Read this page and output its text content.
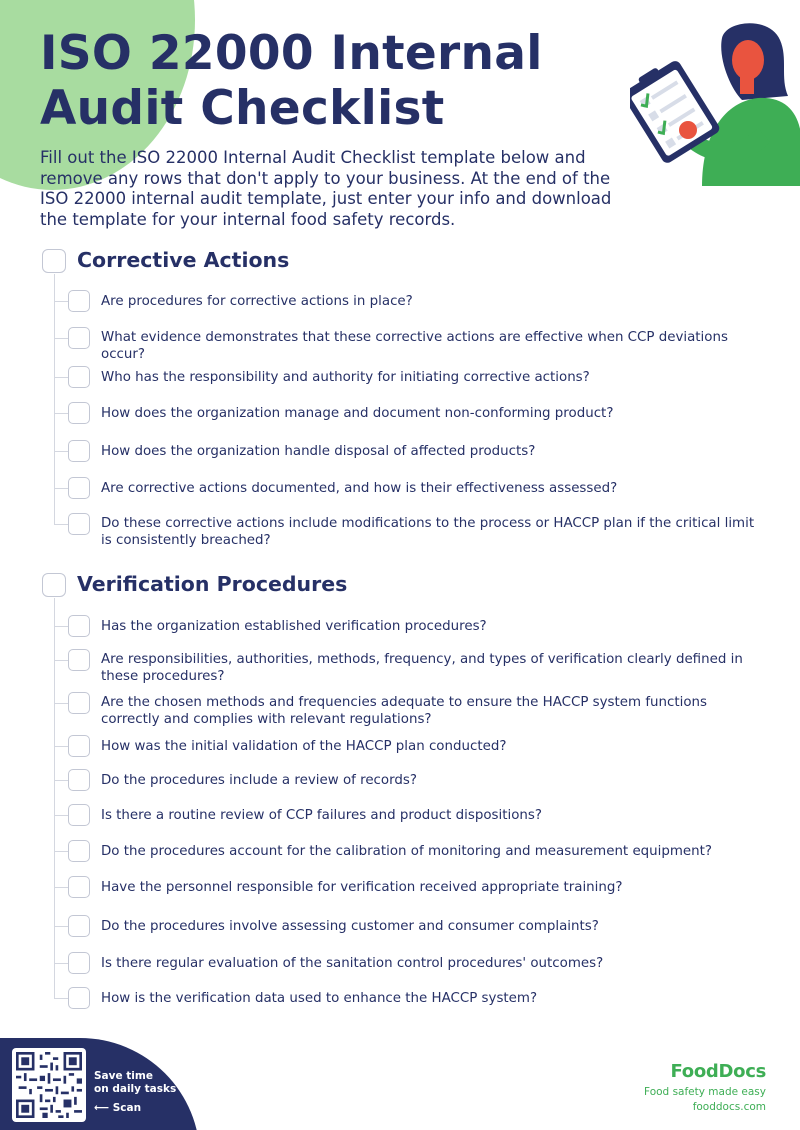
ISO 22000 Internal
Audit Checklist

Fill out the ISO 22000 Internal Audit Checklist template below and remove any rows that don't apply to your business. At the end of the ISO 22000 internal audit template, just enter your info and download the template for your internal food safety records.

Corrective Actions
Are procedures for corrective actions in place?
What evidence demonstrates that these corrective actions are effective when CCP deviations occur?
Who has the responsibility and authority for initiating corrective actions?
How does the organization manage and document non-conforming product?
How does the organization handle disposal of affected products?
Are corrective actions documented, and how is their effectiveness assessed?
Do these corrective actions include modifications to the process or HACCP plan if the critical limit is consistently breached?
Verification Procedures
Has the organization established verification procedures?
Are responsibilities, authorities, methods, frequency, and types of verification clearly defined in these procedures?
Are the chosen methods and frequencies adequate to ensure the HACCP system functions correctly and complies with relevant regulations?
How was the initial validation of the HACCP plan conducted?
Do the procedures include a review of records?
Is there a routine review of CCP failures and product dispositions?
Do the procedures account for the calibration of monitoring and measurement equipment?
Have the personnel responsible for verification received appropriate training?
Do the procedures involve assessing customer and consumer complaints?
Is there regular evaluation of the sanitation control procedures' outcomes?
How is the verification data used to enhance the HACCP system?
Save time
on daily tasks
⟵ Scan
FoodDocs
Food safety made easy
fooddocs.com
